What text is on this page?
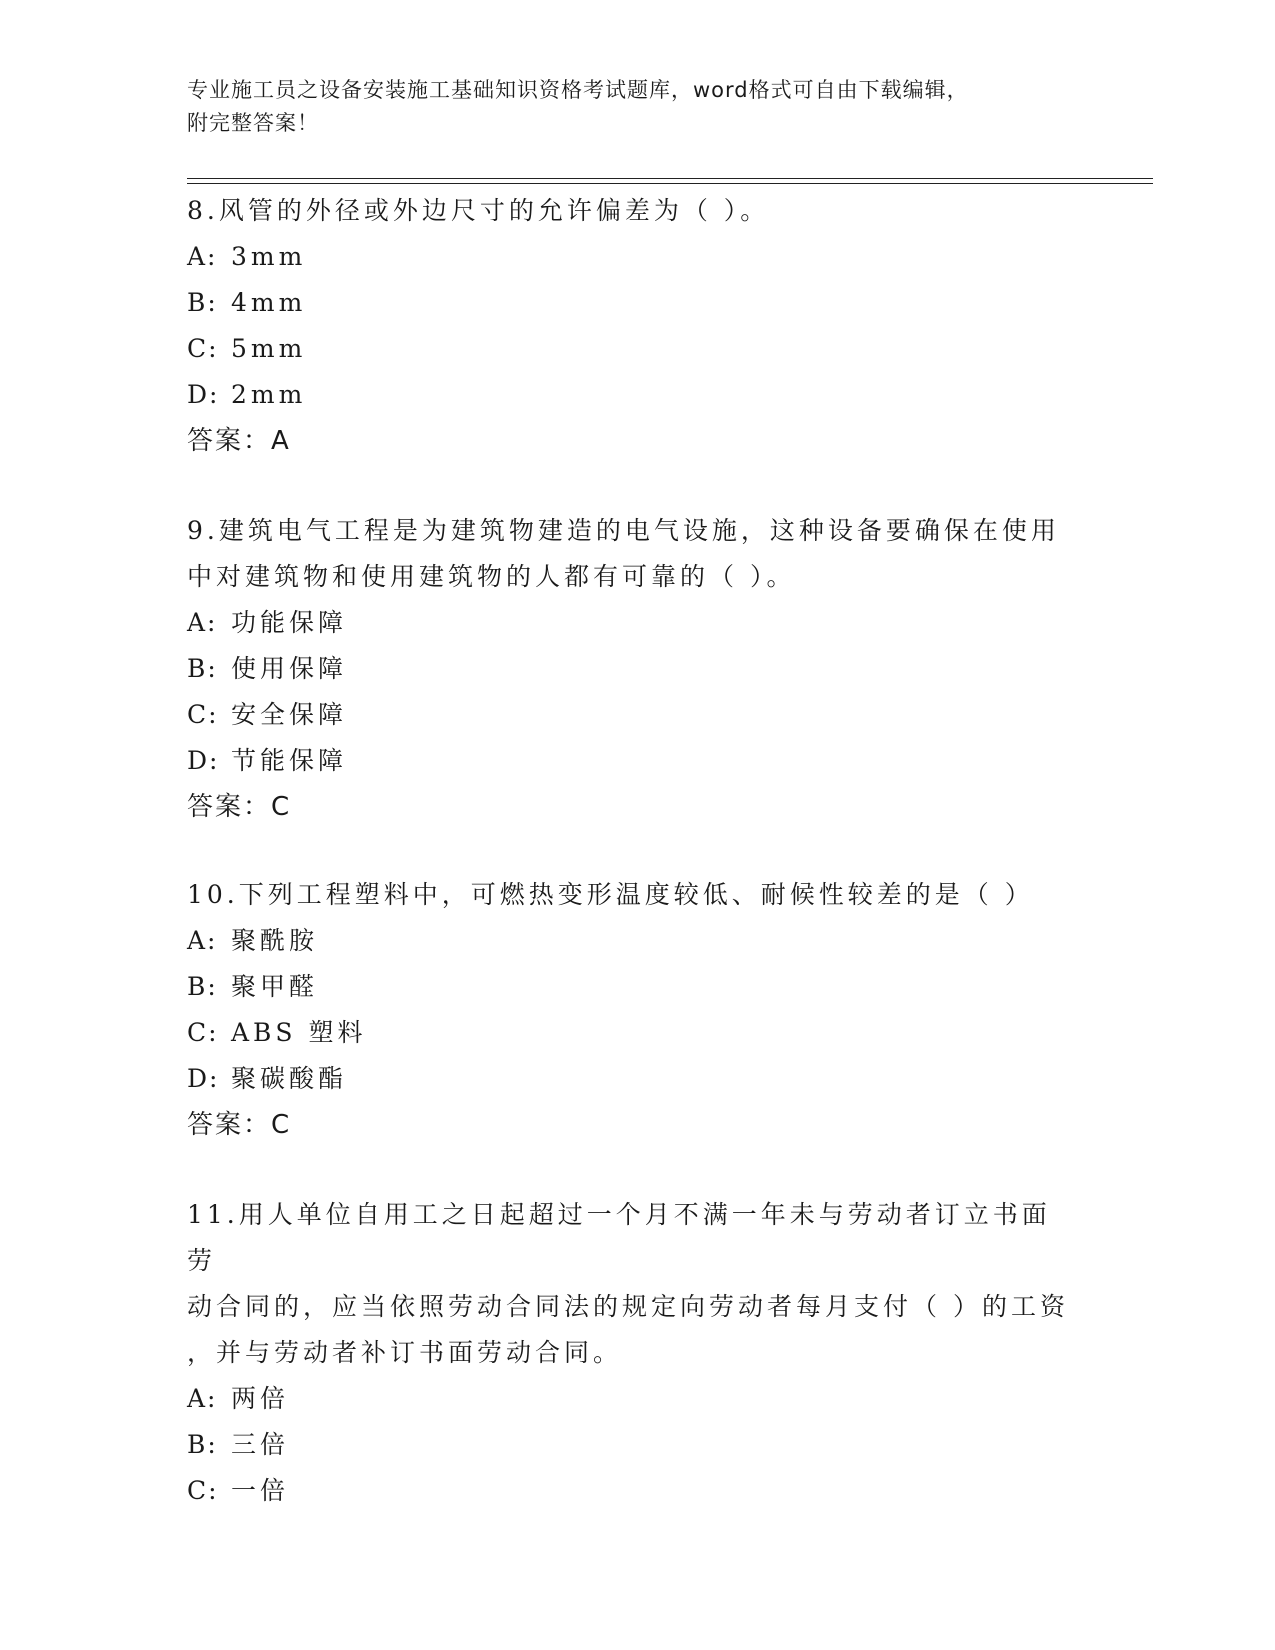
专业施工员之设备安装施工基础知识资格考试题库，word格式可自由下载编辑，
附完整答案！
8.风管的外径或外边尺寸的允许偏差为（ ）。
A: 3mm
B: 4mm
C: 5mm
D: 2mm
答案：A
9.建筑电气工程是为建筑物建造的电气设施，这种设备要确保在使用
中对建筑物和使用建筑物的人都有可靠的（ ）。
A: 功能保障
B: 使用保障
C: 安全保障
D: 节能保障
答案：C
10.下列工程塑料中，可燃热变形温度较低、耐候性较差的是（ ）
A: 聚酰胺
B: 聚甲醛
C: ABS 塑料
D: 聚碳酸酯
答案：C
11.用人单位自用工之日起超过一个月不满一年未与劳动者订立书面劳
动合同的，应当依照劳动合同法的规定向劳动者每月支付（ ）的工资
，并与劳动者补订书面劳动合同。
A: 两倍
B: 三倍
C: 一倍
